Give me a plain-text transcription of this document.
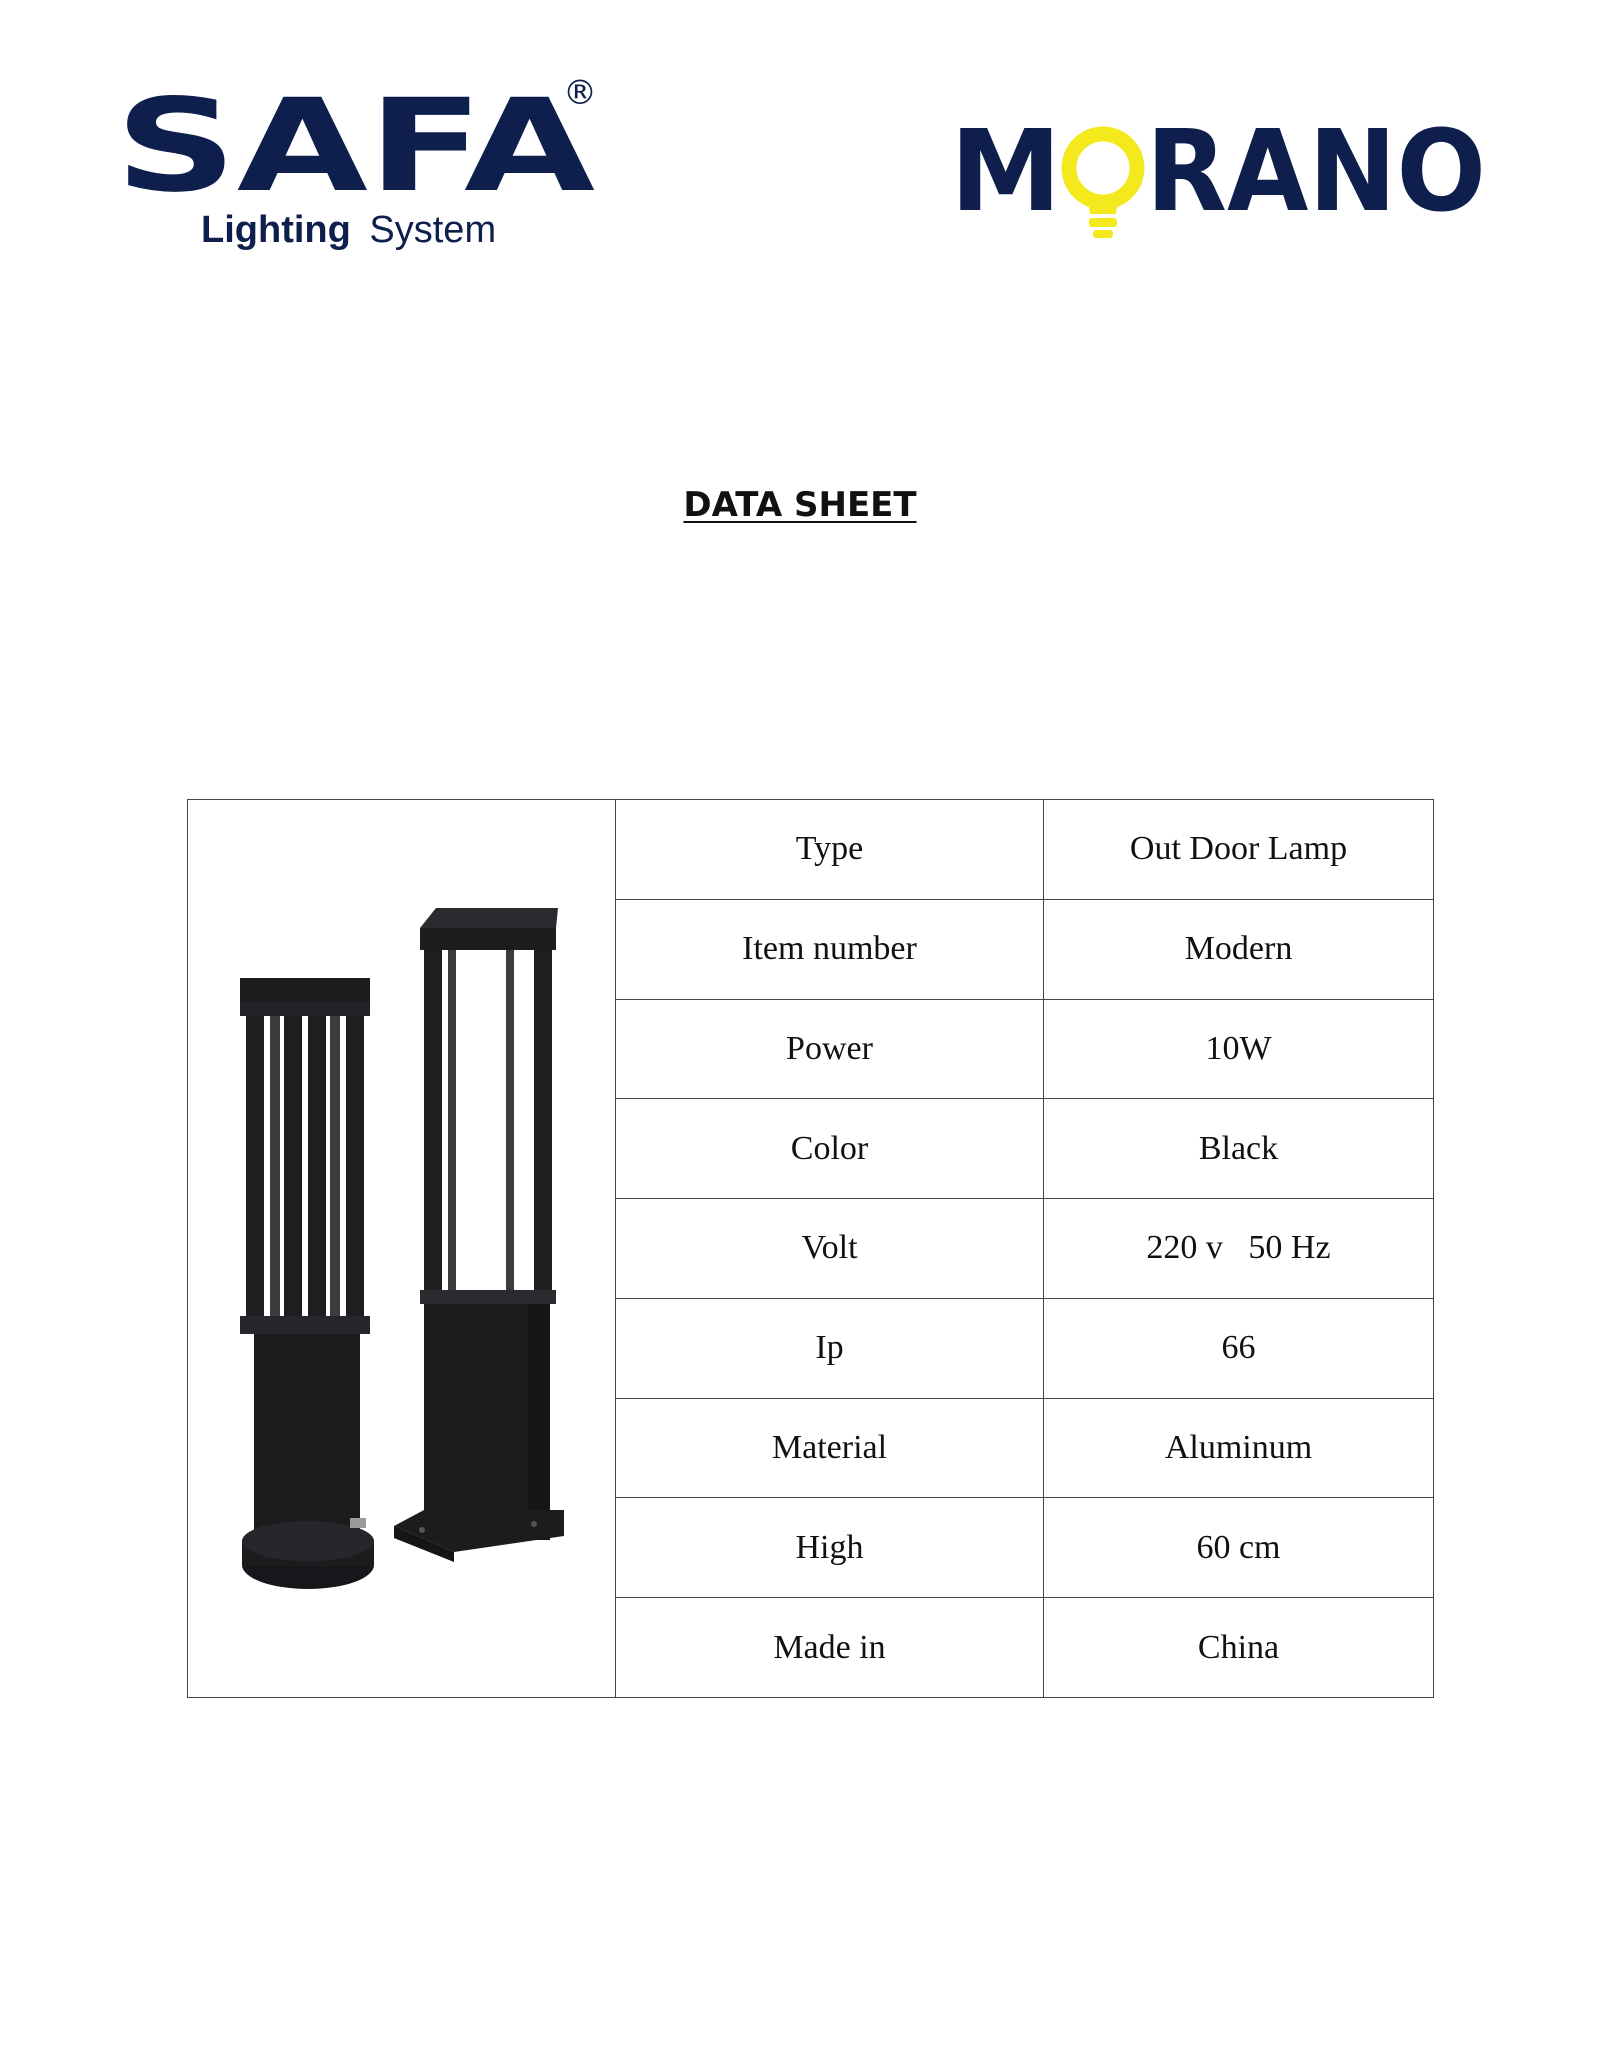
SAFA
®
Lighting System	M RANO
DATA SHEET
	Type	Out Door Lamp
	Item number	Modern
	Power	10W
	Color	Black
	Volt	220 v   50 Hz
	Ip	66
	Material	Aluminum
	High	60 cm
	Made in	China
